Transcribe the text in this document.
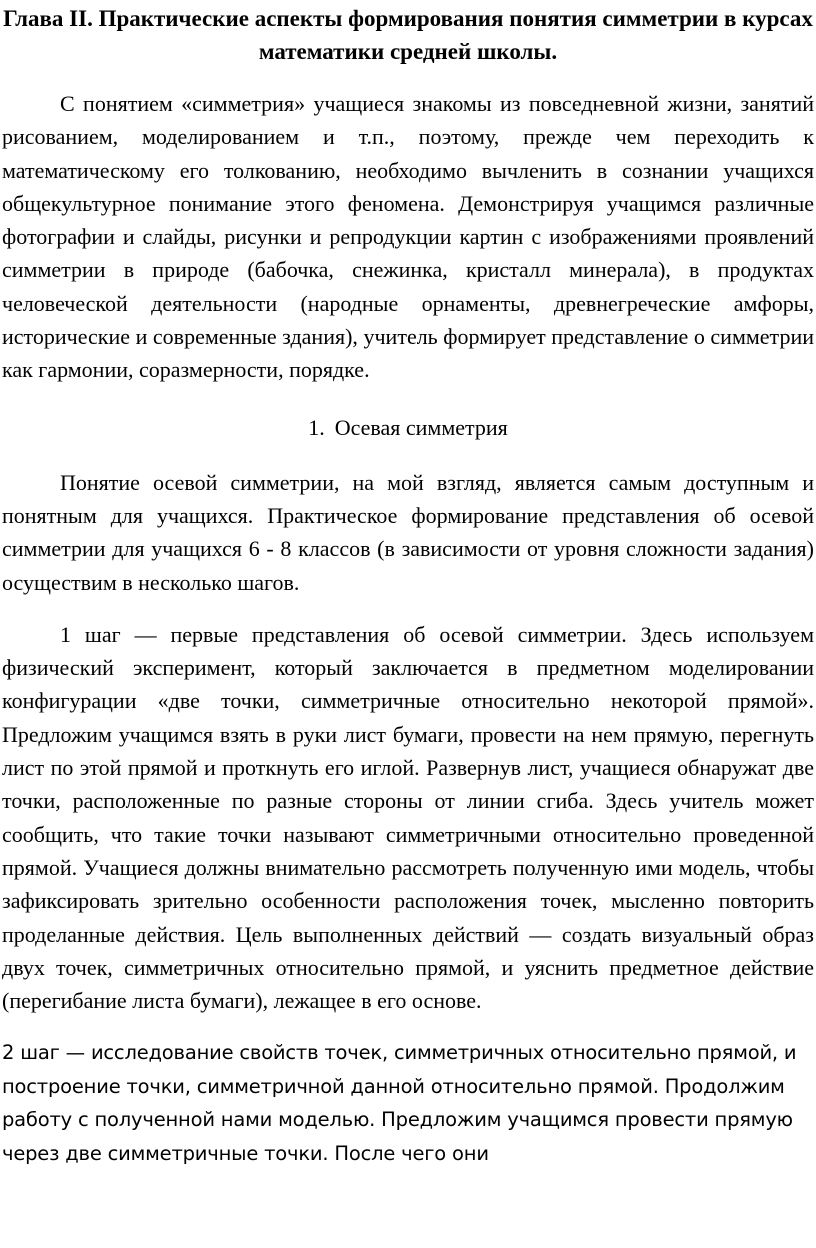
Глава II. Практические аспекты формирования понятия симметрии в курсах математики средней школы.

С понятием «симметрия» учащиеся знакомы из повседневной жизни, занятий рисованием, моделированием и т.п., поэтому, прежде чем переходить к математическому его толкованию, необходимо вычленить в сознании учащихся общекультурное понимание этого феномена. Демонстрируя учащимся различные фотографии и слайды, рисунки и репродукции картин с изображениями проявлений симметрии в природе (бабочка, снежинка, кристалл минерала), в продуктах человеческой деятельности (народные орнаменты, древнегреческие амфоры, исторические и современные здания), учитель формирует представление о симметрии как гармонии, соразмерности, порядке.

1. Осевая симметрия

Понятие осевой симметрии, на мой взгляд, является самым доступным и понятным для учащихся. Практическое формирование представления об осевой симметрии для учащихся 6 - 8 классов (в зависимости от уровня сложности задания) осуществим в несколько шагов.

1 шаг — первые представления об осевой симметрии. Здесь используем физический эксперимент, который заключается в предметном моделировании конфигурации «две точки, симметричные относительно некоторой прямой». Предложим учащимся взять в руки лист бумаги, провести на нем прямую, перегнуть лист по этой прямой и проткнуть его иглой. Развернув лист, учащиеся обнаружат две точки, расположенные по разные стороны от линии сгиба. Здесь учитель может сообщить, что такие точки называют симметричными относительно проведенной прямой. Учащиеся должны внимательно рассмотреть полученную ими модель, чтобы зафиксировать зрительно особенности расположения точек, мысленно повторить проделанные действия. Цель выполненных действий — создать визуальный образ двух точек, симметричных относительно прямой, и уяснить предметное действие (перегибание листа бумаги), лежащее в его основе.

2 шаг — исследование свойств точек, симметричных относительно прямой, и построение точки, симметричной данной относительно прямой. Продолжим работу с полученной нами моделью. Предложим учащимся провести прямую через две симметричные точки. После чего они
